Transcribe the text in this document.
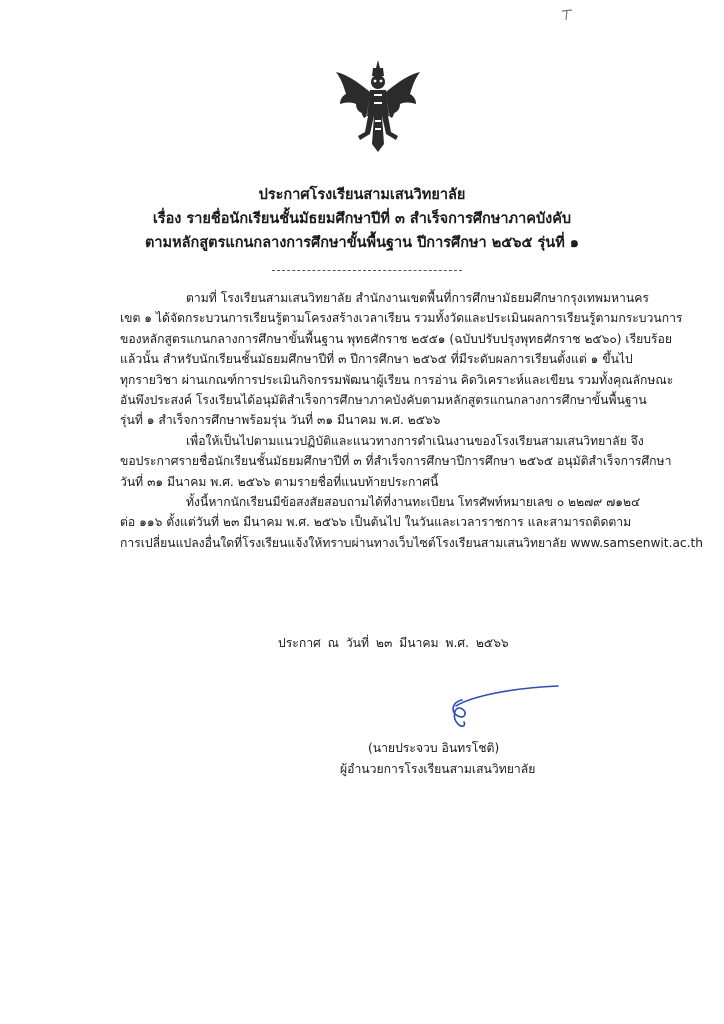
ประกาศโรงเรียนสามเสนวิทยาลัย
เรื่อง รายชื่อนักเรียนชั้นมัธยมศึกษาปีที่ ๓ สำเร็จการศึกษาภาคบังคับ
ตามหลักสูตรแกนกลางการศึกษาขั้นพื้นฐาน ปีการศึกษา ๒๕๖๕ รุ่นที่ ๑
ตามที่ โรงเรียนสามเสนวิทยาลัย สำนักงานเขตพื้นที่การศึกษามัธยมศึกษากรุงเทพมหานคร
เขต ๑ ได้จัดกระบวนการเรียนรู้ตามโครงสร้างเวลาเรียน รวมทั้งวัดและประเมินผลการเรียนรู้ตามกระบวนการ
ของหลักสูตรแกนกลางการศึกษาขั้นพื้นฐาน พุทธศักราช ๒๕๕๑ (ฉบับปรับปรุงพุทธศักราช ๒๕๖๐) เรียบร้อย
แล้วนั้น สำหรับนักเรียนชั้นมัธยมศึกษาปีที่ ๓ ปีการศึกษา ๒๕๖๕ ที่มีระดับผลการเรียนตั้งแต่ ๑ ขึ้นไป
ทุกรายวิชา ผ่านเกณฑ์การประเมินกิจกรรมพัฒนาผู้เรียน การอ่าน คิดวิเคราะห์และเขียน รวมทั้งคุณลักษณะ
อันพึงประสงค์ โรงเรียนได้อนุมัติสำเร็จการศึกษาภาคบังคับตามหลักสูตรแกนกลางการศึกษาขั้นพื้นฐาน
รุ่นที่ ๑ สำเร็จการศึกษาพร้อมรุ่น วันที่ ๓๑ มีนาคม พ.ศ. ๒๕๖๖
เพื่อให้เป็นไปตามแนวปฏิบัติและแนวทางการดำเนินงานของโรงเรียนสามเสนวิทยาลัย จึง
ขอประกาศรายชื่อนักเรียนชั้นมัธยมศึกษาปีที่ ๓ ที่สำเร็จการศึกษาปีการศึกษา ๒๕๖๕ อนุมัติสำเร็จการศึกษา
วันที่ ๓๑ มีนาคม พ.ศ. ๒๕๖๖ ตามรายชื่อที่แนบท้ายประกาศนี้
ทั้งนี้หากนักเรียนมีข้อสงสัยสอบถามได้ที่งานทะเบียน โทรศัพท์หมายเลข ๐ ๒๒๗๙ ๗๑๒๔
ต่อ ๑๑๖ ตั้งแต่วันที่ ๒๓ มีนาคม พ.ศ. ๒๕๖๖ เป็นต้นไป ในวันและเวลาราชการ และสามารถติดตาม
การเปลี่ยนแปลงอื่นใดที่โรงเรียนแจ้งให้ทราบผ่านทางเว็บไซต์โรงเรียนสามเสนวิทยาลัย www.samsenwit.ac.th
ประกาศ ณ วันที่ ๒๓ มีนาคม พ.ศ. ๒๕๖๖
(นายประจวบ อินทรโชติ)
ผู้อำนวยการโรงเรียนสามเสนวิทยาลัย
